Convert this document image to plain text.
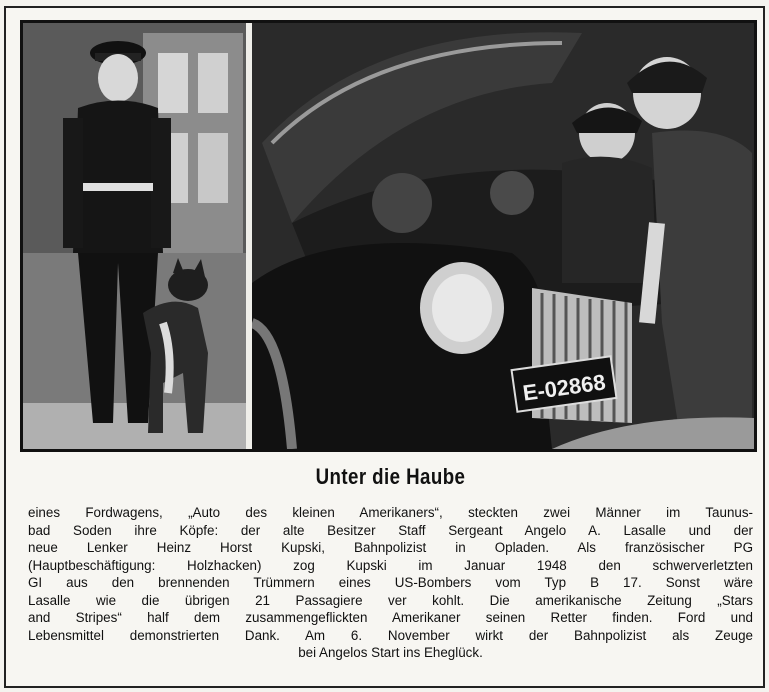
E-02868
Unter die Haube
eines Fordwagens, „Auto des kleinen Amerikaners“, steckten zwei Männer im Taunus-
bad Soden ihre Köpfe: der alte Besitzer Staff Sergeant Angelo A. Lasalle und der
neue Lenker Heinz Horst Kupski, Bahnpolizist in Opladen. Als französischer PG
(Hauptbeschäftigung: Holzhacken) zog Kupski im Januar 1948 den schwerverletzten
GI aus den brennenden Trümmern eines US-Bombers vom Typ B 17. Sonst wäre
Lasalle wie die übrigen 21 Passagiere ver kohlt. Die amerikanische Zeitung „Stars
and Stripes“ half dem zusammengeflickten Amerikaner seinen Retter finden. Ford und
Lebensmittel demonstrierten Dank. Am 6. November wirkt der Bahnpolizist als Zeuge
bei Angelos Start ins Eheglück.
